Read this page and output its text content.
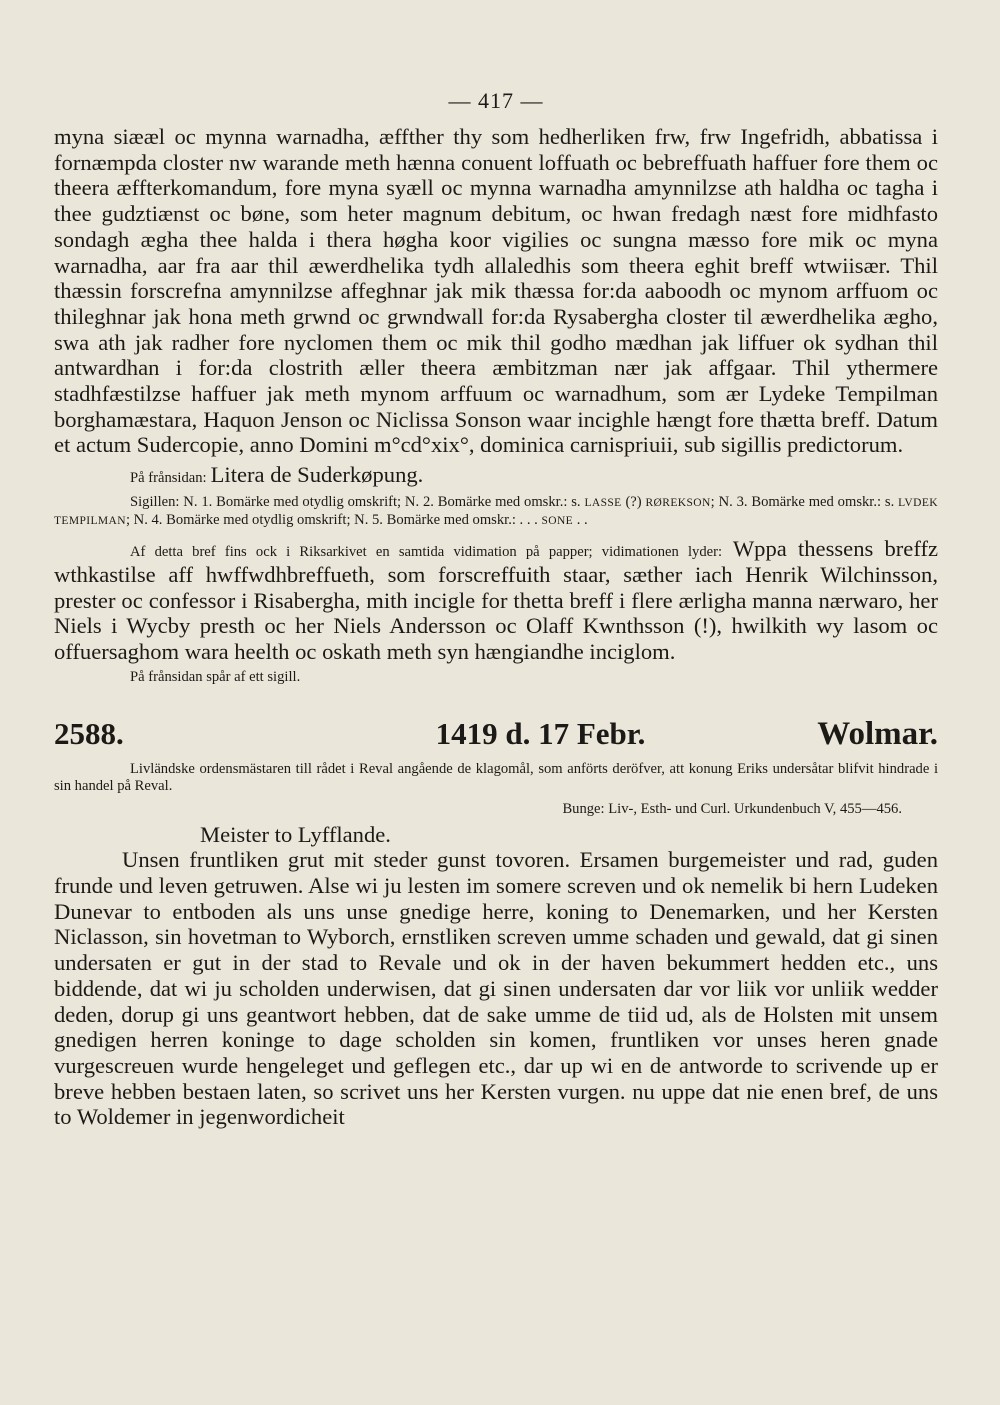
— 417 —

myna siææl oc mynna warnadha, æffther thy som hedherliken frw, frw Ingefridh, abbatissa i fornæmpda closter nw warande meth hænna conuent loffuath oc bebreffuath haffuer fore them oc theera æffterkomandum, fore myna syæll oc mynna warnadha amynnilzse ath haldha oc tagha i thee gudztiænst oc bøne, som heter magnum debitum, oc hwan fredagh næst fore midhfasto sondagh ægha thee halda i thera høgha koor vigilies oc sungna mæsso fore mik oc myna warnadha, aar fra aar thil æwerdhelika tydh allaledhis som theera eghit breff wtwiisær. Thil thæssin forscrefna amynnilzse affeghnar jak mik thæssa for:da aaboodh oc mynom arffuom oc thileghnar jak hona meth grwnd oc grwndwall for:da Rysabergha closter til æwerdhelika ægho, swa ath jak radher fore nyclomen them oc mik thil godho mædhan jak liffuer ok sydhan thil antwardhan i for:da clostrith æller theera æmbitzman nær jak affgaar. Thil ythermere stadhfæstilzse haffuer jak meth mynom arffuum oc warnadhum, som ær Lydeke Tempilman borghamæstara, Haquon Jenson oc Niclissa Sonson waar incighle hængt fore thætta breff. Datum et actum Sudercopie, anno Domini m°cd°xix°, dominica carnispriuii, sub sigillis predictorum.

På frånsidan: Litera de Suderkøpung.

Sigillen: N. 1. Bomärke med otydlig omskrift; N. 2. Bomärke med omskr.: s. LASSE (?) RØREKSON; N. 3. Bomärke med omskr.: s. LVDEK TEMPILMAN; N. 4. Bomärke med otydlig omskrift; N. 5. Bomärke med omskr.: . . . SONE . .

Af detta bref fins ock i Riksarkivet en samtida vidimation på papper; vidimationen lyder: Wppa thessens breffz wthkastilse aff hwffwdhbreffueth, som forscreffuith staar, sæther iach Henrik Wilchinsson, prester oc confessor i Risabergha, mith incigle for thetta breff i flere ærligha manna nærwaro, her Niels i Wycby presth oc her Niels Andersson oc Olaff Kwnthsson (!), hwilkith wy lasom oc offuersaghom wara heelth oc oskath meth syn hængiandhe inciglom.

På frånsidan spår af ett sigill.

2588.	1419 d. 17 Febr.	Wolmar.

Livländske ordensmästaren till rådet i Reval angående de klagomål, som anförts deröfver, att konung Eriks undersåtar blifvit hindrade i sin handel på Reval.

Bunge: Liv-, Esth- und Curl. Urkundenbuch V, 455—456.

Meister to Lyfflande.

Unsen fruntliken grut mit steder gunst tovoren. Ersamen burgemeister und rad, guden frunde und leven getruwen. Alse wi ju lesten im somere screven und ok nemelik bi hern Ludeken Dunevar to entboden als uns unse gnedige herre, koning to Denemarken, und her Kersten Niclasson, sin hovetman to Wyborch, ernstliken screven umme schaden und gewald, dat gi sinen undersaten er gut in der stad to Revale und ok in der haven bekummert hedden etc., uns biddende, dat wi ju scholden underwisen, dat gi sinen undersaten dar vor liik vor unliik wedder deden, dorup gi uns geantwort hebben, dat de sake umme de tiid ud, als de Holsten mit unsem gnedigen herren koninge to dage scholden sin komen, fruntliken vor unses heren gnade vurgescreuen wurde hengeleget und geflegen etc., dar up wi en de antworde to scrivende up er breve hebben bestaen laten, so scrivet uns her Kersten vurgen. nu uppe dat nie enen bref, de uns to Woldemer in jegenwordicheit
